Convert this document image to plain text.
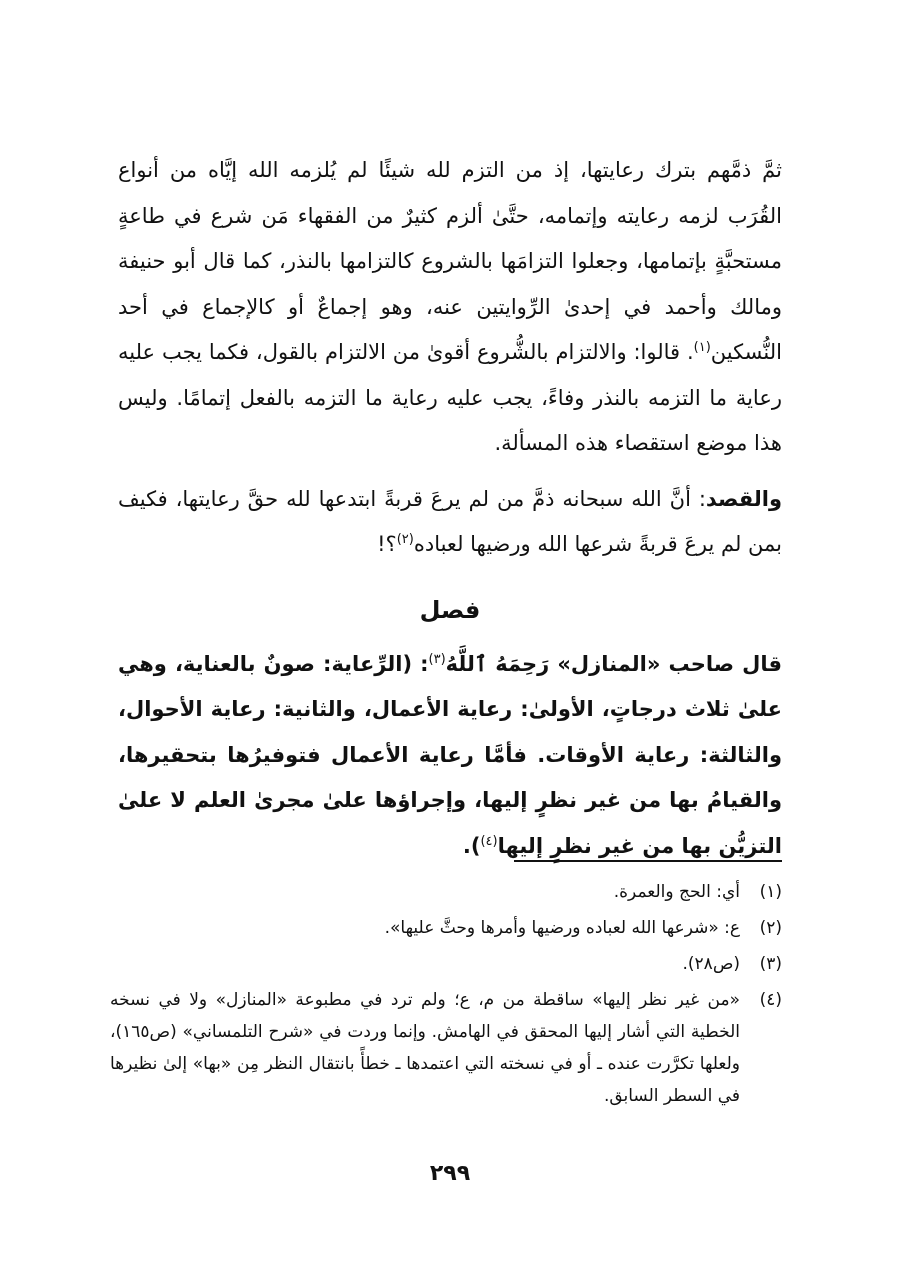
ثمَّ ذمَّهم بترك رعايتها، إذ من التزم لله شيئًا لم يُلزمه الله إيَّاه من أنواع القُرَب لزمه رعايته وإتمامه، حتَّىٰ ألزم كثيرٌ من الفقهاء مَن شرع في طاعةٍ مستحبَّةٍ بإتمامها، وجعلوا التزامَها بالشروع كالتزامها بالنذر، كما قال أبو حنيفة ومالك وأحمد في إحدىٰ الرِّوايتين عنه، وهو إجماعٌ أو كالإجماع في أحد النُّسكين$^{(١)}$. قالوا: والالتزام بالشُّروع أقوىٰ من الالتزام بالقول، فكما يجب عليه رعاية ما التزمه بالنذر وفاءً، يجب عليه رعاية ما التزمه بالفعل إتمامًا. وليس هذا موضع استقصاء هذه المسألة.

والقصد: أنَّ الله سبحانه ذمَّ من لم يرعَ قربةً ابتدعها لله حقَّ رعايتها، فكيف بمن لم يرعَ قربةً شرعها الله ورضيها لعباده$^{(٢)}$؟!

فصل

قال صاحب «المنازل» رَحِمَهُ ٱللَّهُ$^{(٣)}$: (الرِّعاية: صونٌ بالعناية، وهي علىٰ ثلاث درجاتٍ، الأولىٰ: رعاية الأعمال، والثانية: رعاية الأحوال، والثالثة: رعاية الأوقات. فأمَّا رعاية الأعمال فتوفيرُها بتحقيرها، والقيامُ بها من غير نظرٍ إليها، وإجراؤها علىٰ مجرىٰ العلم لا علىٰ التزيُّن بها من غير نظرٍ إليها$^{(٤)}$).

(١)
أي: الحج والعمرة.
(٢)
ع: «شرعها الله لعباده ورضيها وأمرها وحثَّ عليها».
(٣)
(ص٢٨).
(٤)
«من غير نظر إليها» ساقطة من م، ع؛ ولم ترد في مطبوعة «المنازل» ولا في نسخه الخطية التي أشار إليها المحقق في الهامش. وإنما وردت في «شرح التلمساني» (ص١٦٥)، ولعلها تكرَّرت عنده ـ أو في نسخته التي اعتمدها ـ خطأً بانتقال النظر مِن «بها» إلىٰ نظيرها في السطر السابق.
٢٩٩
